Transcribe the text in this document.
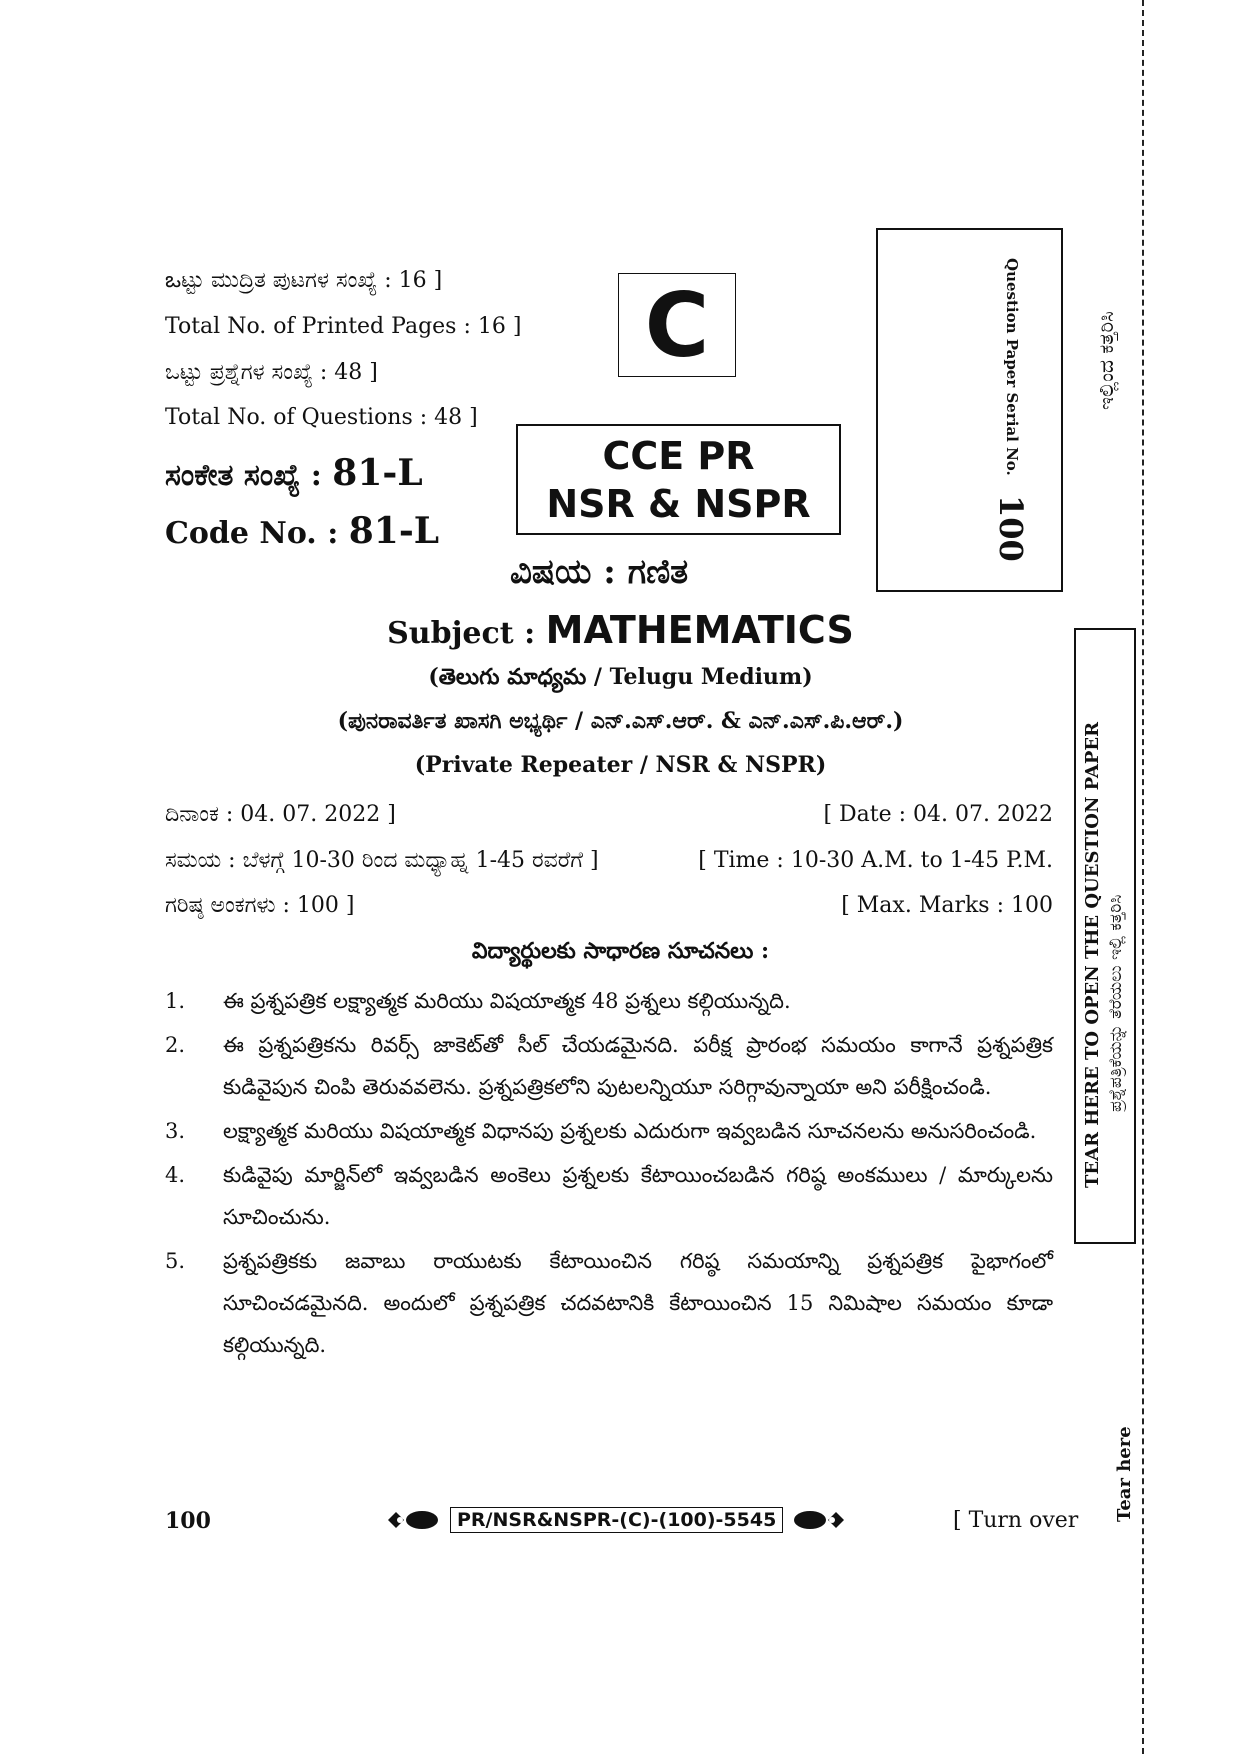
ఒಟ್ಟು ಮುದ್ರಿತ ಪುಟಗಳ ಸಂಖ್ಯೆ : 16 ]
Total No. of Printed Pages : 16 ]
ಒಟ್ಟು ಪ್ರಶ್ನೆಗಳ ಸಂಖ್ಯೆ : 48 ]
Total No. of Questions : 48 ]
ಸಂಕೇತ ಸಂಖ್ಯೆ : 81-L
Code No. : 81-L
C
CCE PR
NSR & NSPR
Question Paper Serial No.
100
ಇಲ್ಲಿಂದ ಕತ್ತರಿಸಿ
ವಿಷಯ : ಗಣಿತ
Subject : MATHEMATICS
(తెలుగు మాధ్యమ / Telugu Medium)
(ಪುನರಾವರ್ತಿತ ಖಾಸಗಿ ಅಭ್ಯರ್ಥಿ / ಎನ್.ಎಸ್.ಆರ್. & ಎನ್.ಎಸ್.ಪಿ.ಆರ್.)
(Private Repeater / NSR & NSPR)
ದಿನಾಂಕ : 04. 07. 2022 ]	[ Date : 04. 07. 2022
ಸಮಯ : ಬೆಳಗ್ಗೆ 10-30 ರಿಂದ ಮಧ್ಯಾಹ್ನ 1-45 ರವರೆಗೆ ]	[ Time : 10-30 A.M. to 1-45 P.M.
ಗರಿಷ್ಠ ಅಂಕಗಳು : 100 ]	[ Max. Marks : 100
విద్యార్థులకు సాధారణ సూచనలు :
1.	ఈ ప్రశ్నపత్రిక లక్ష్యాత్మక మరియు విషయాత్మక 48 ప్రశ్నలు కల్గియున్నది.
2.	ఈ ప్రశ్నపత్రికను రివర్స్ జాకెట్‌తో సీల్ చేయడమైనది. పరీక్ష ప్రారంభ సమయం కాగానే ప్రశ్నపత్రిక కుడివైపున చింపి తెరువవలెను. ప్రశ్నపత్రికలోని పుటలన్నియూ సరిగ్గావున్నాయా అని పరీక్షించండి.
3.	లక్ష్యాత్మక మరియు విషయాత్మక విధానపు ప్రశ్నలకు ఎదురుగా ఇవ్వబడిన సూచనలను అనుసరించండి.
4.	కుడివైపు మార్జిన్‌లో ఇవ్వబడిన అంకెలు ప్రశ్నలకు కేటాయించబడిన గరిష్ఠ అంకములు / మార్కులను సూచించును.
5.	ప్రశ్నపత్రికకు జవాబు రాయుటకు కేటాయించిన గరిష్ఠ సమయాన్ని ప్రశ్నపత్రిక పైభాగంలో సూచించడమైనది. అందులో ప్రశ్నపత్రిక చదవటానికి కేటాయించిన 15 నిమిషాల సమయం కూడా కల్గియున్నది.
100	PR/NSR&NSPR-(C)-(100)-5545	[ Turn over
TEAR HERE TO OPEN THE QUESTION PAPER ಪ್ರಶ್ನೆಪತ್ರಿಕೆಯನ್ನು ತೆರೆಯಲು ಇಲ್ಲಿ ಕತ್ತರಿಸಿ
Tear here
